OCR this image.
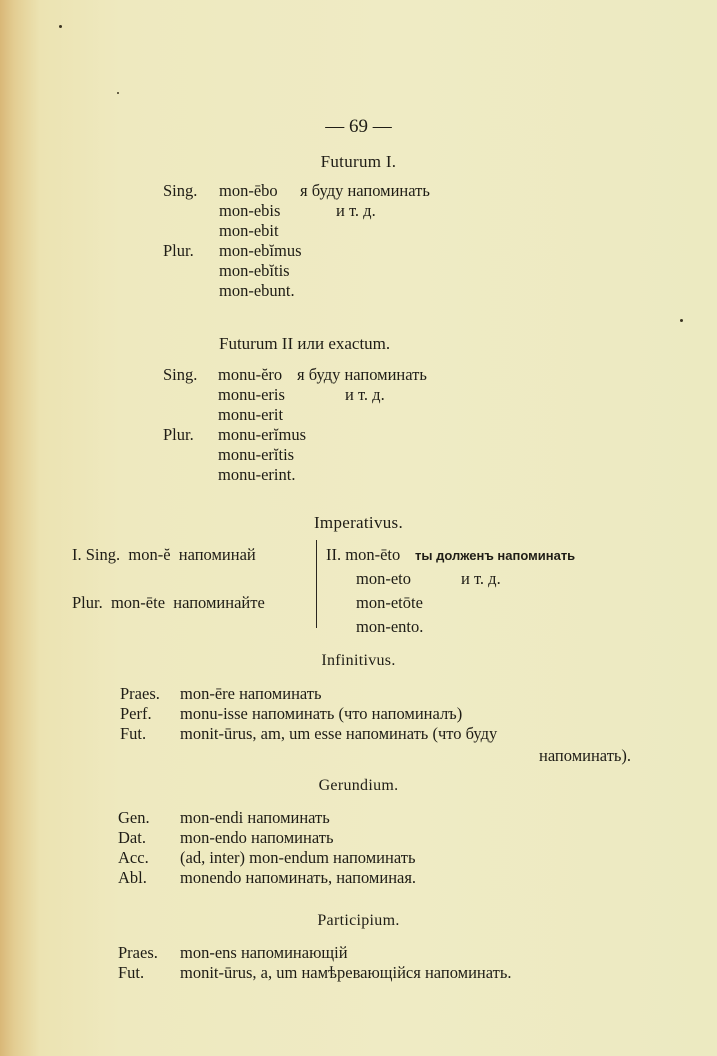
— 69 —
Futurum I.
Sing. mon-ēbo я буду напоминать
mon-ebis	и т. д.
mon-ebit
Plur. mon-ebĭmus
mon-ebĭtis
mon-ebunt.
Futurum II или exactum.
Sing. monu-ĕro я буду напоминать
monu-eris	и т. д.
monu-erit
Plur. monu-erĭmus
monu-erĭtis
monu-erint.
Imperativus.
I. Sing.  mon-ĕ  напоминай
Plur.  mon-ēte  напоминайте
II. mon-ēto ты долженъ напоминать
mon-eto	и т. д.
mon-etōte
mon-ento.
Infinitivus.
Praes. mon-ēre напоминать
Perf. monu-isse напоминать (что напоминалъ)
Fut. monit-ūrus, am, um esse напоминать (что буду
напоминать).
Gerundium.
Gen. mon-endi напоминать
Dat. mon-endo напоминать
Acc. (ad, inter) mon-endum напоминать
Abl. monendo напоминать, напоминая.
Participium.
Praes. mon-ens напоминающій
Fut. monit-ūrus, a, um намѣревающійся напоминать.
